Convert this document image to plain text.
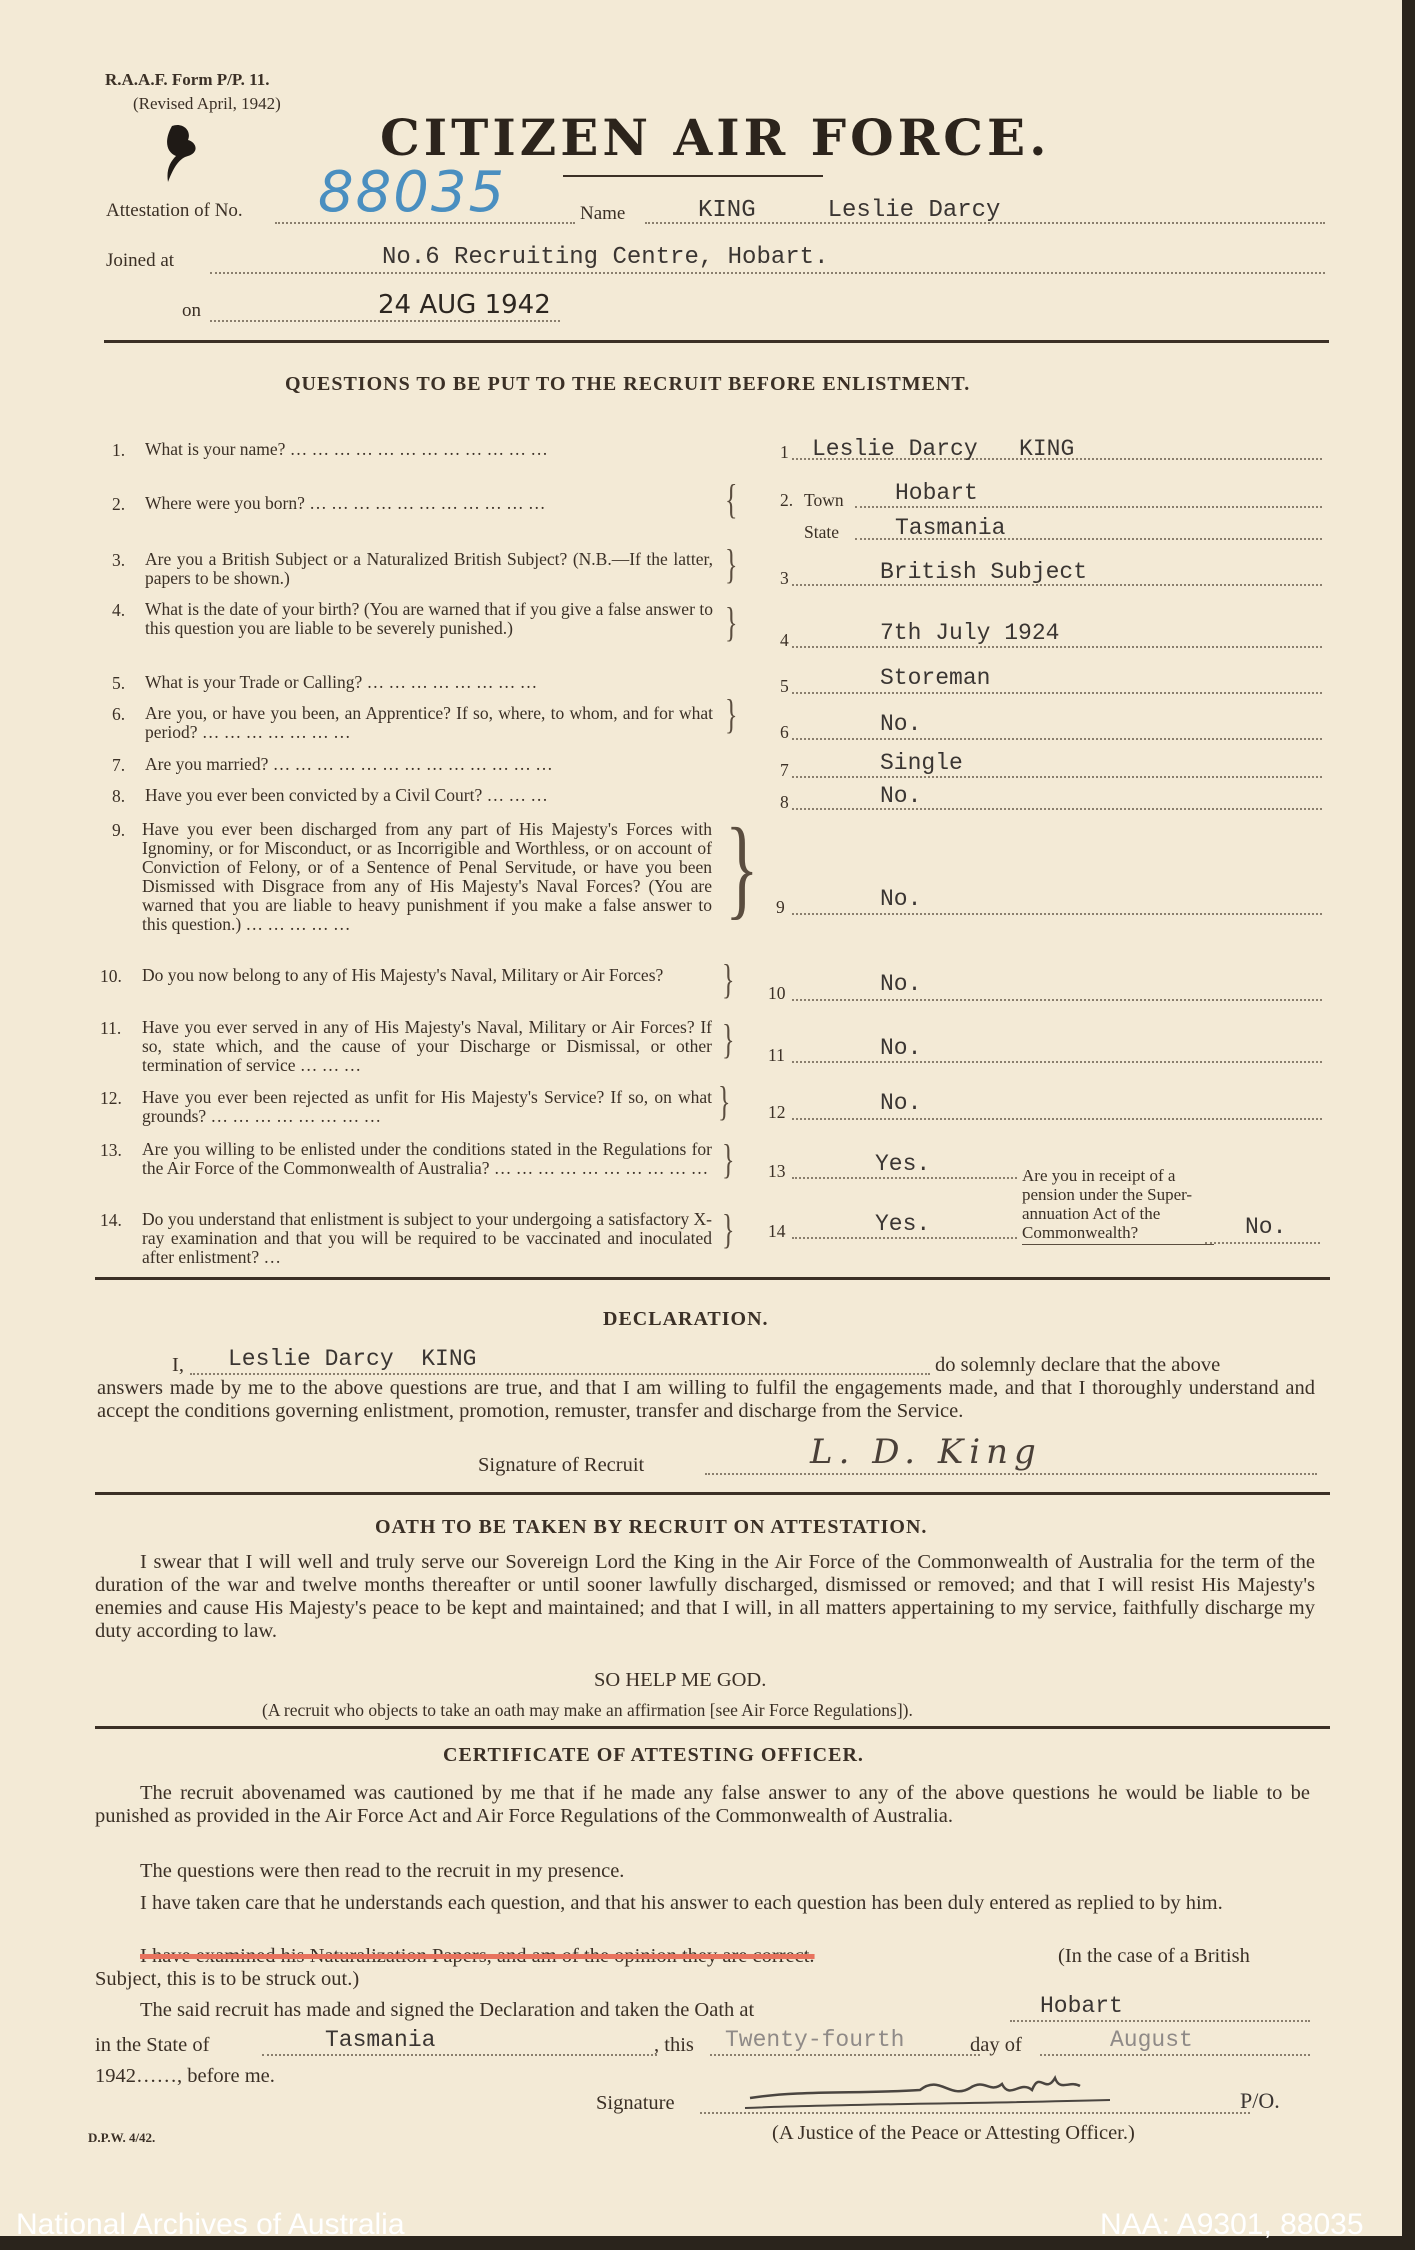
R.A.A.F. Form P/P. 11.
(Revised April, 1942)
CITIZEN AIR FORCE.
Attestation of No. 88035	Name	KING     Leslie Darcy
Joined at	No.6 Recruiting Centre, Hobart.
on	24 AUG 1942
QUESTIONS TO BE PUT TO THE RECRUIT BEFORE ENLISTMENT.
1. What is your name? … … … … … … … … … … … …	1 Leslie Darcy   KING
2. Where were you born? … … … … … … … … … … …	{ 2. Town Hobart
State Tasmania
3. Are you a British Subject or a Naturalized British Subject? (N.B.—If the latter, papers to be shown.)	} 3	British Subject
4. What is the date of your birth? (You are warned that if you give a false answer to this question you are liable to be severely punished.)	} 4	7th July 1924
5. What is your Trade or Calling? … … … … … … … …	5	Storeman
6. Are you, or have you been, an Apprentice? If so, where, to whom, and for what period? … … … … … … …	} 6	No.
7. Are you married? … … … … … … … … … … … … …	7	Single
8. Have you ever been convicted by a Civil Court? … … …	8	No.
9. Have you ever been discharged from any part of His Majesty's Forces with Ignominy, or for Misconduct, or as Incorrigible and Worthless, or on account of Conviction of Felony, or of a Sentence of Penal Servitude, or have you been Dismissed with Disgrace from any of His Majesty's Naval Forces? (You are warned that you are liable to heavy punishment if you make a false answer to this question.) … … … … …	} 9	No.
10. Do you now belong to any of His Majesty's Naval, Military or Air Forces?	} 10	No.
11. Have you ever served in any of His Majesty's Naval, Military or Air Forces? If so, state which, and the cause of your Discharge or Dismissal, or other termination of service … … …
} 11	No.
12. Have you ever been rejected as unfit for His Majesty's Service? If so, on what grounds? … … … … … … … …	} 12	No.
13. Are you willing to be enlisted under the conditions stated in the Regulations for the Air Force of the Commonwealth of Australia? … … … … … … … … … … } 13	Yes.
14. Do you understand that enlistment is subject to your undergoing a satisfactory X-ray examination and that you will be required to be vaccinated and inoculated after enlistment? …
} 14	Yes.
Are you in receipt of a pension under the Super-annuation Act of the Commonwealth?	No.
DECLARATION.
I, Leslie Darcy  KING	do solemnly declare that the above
answers made by me to the above questions are true, and that I am willing to fulfil the engagements made, and that I thoroughly understand and accept the conditions governing enlistment, promotion, remuster, transfer and discharge from the Service.
Signature of Recruit	L. D. King
OATH TO BE TAKEN BY RECRUIT ON ATTESTATION.
I swear that I will well and truly serve our Sovereign Lord the King in the Air Force of the Commonwealth of Australia for the term of the duration of the war and twelve months thereafter or until sooner lawfully discharged, dismissed or removed; and that I will resist His Majesty's enemies and cause His Majesty's peace to be kept and maintained; and that I will, in all matters appertaining to my service, faithfully discharge my duty according to law.
SO HELP ME GOD.
(A recruit who objects to take an oath may make an affirmation [see Air Force Regulations]).
CERTIFICATE OF ATTESTING OFFICER.
The recruit abovenamed was cautioned by me that if he made any false answer to any of the above questions he would be liable to be punished as provided in the Air Force Act and Air Force Regulations of the Commonwealth of Australia.
The questions were then read to the recruit in my presence.
I have taken care that he understands each question, and that his answer to each question has been duly entered as replied to by him.
I have examined his Naturalization Papers, and am of the opinion they are correct.	(In the case of a British
Subject, this is to be struck out.)
The said recruit has made and signed the Declaration and taken the Oath at	Hobart
in the State of	Tasmania	, this Twenty-fourth	day of	August
1942……, before me.
Signature	P/O.
(A Justice of the Peace or Attesting Officer.)
D.P.W. 4/42.
National Archives of Australia	NAA: A9301, 88035
